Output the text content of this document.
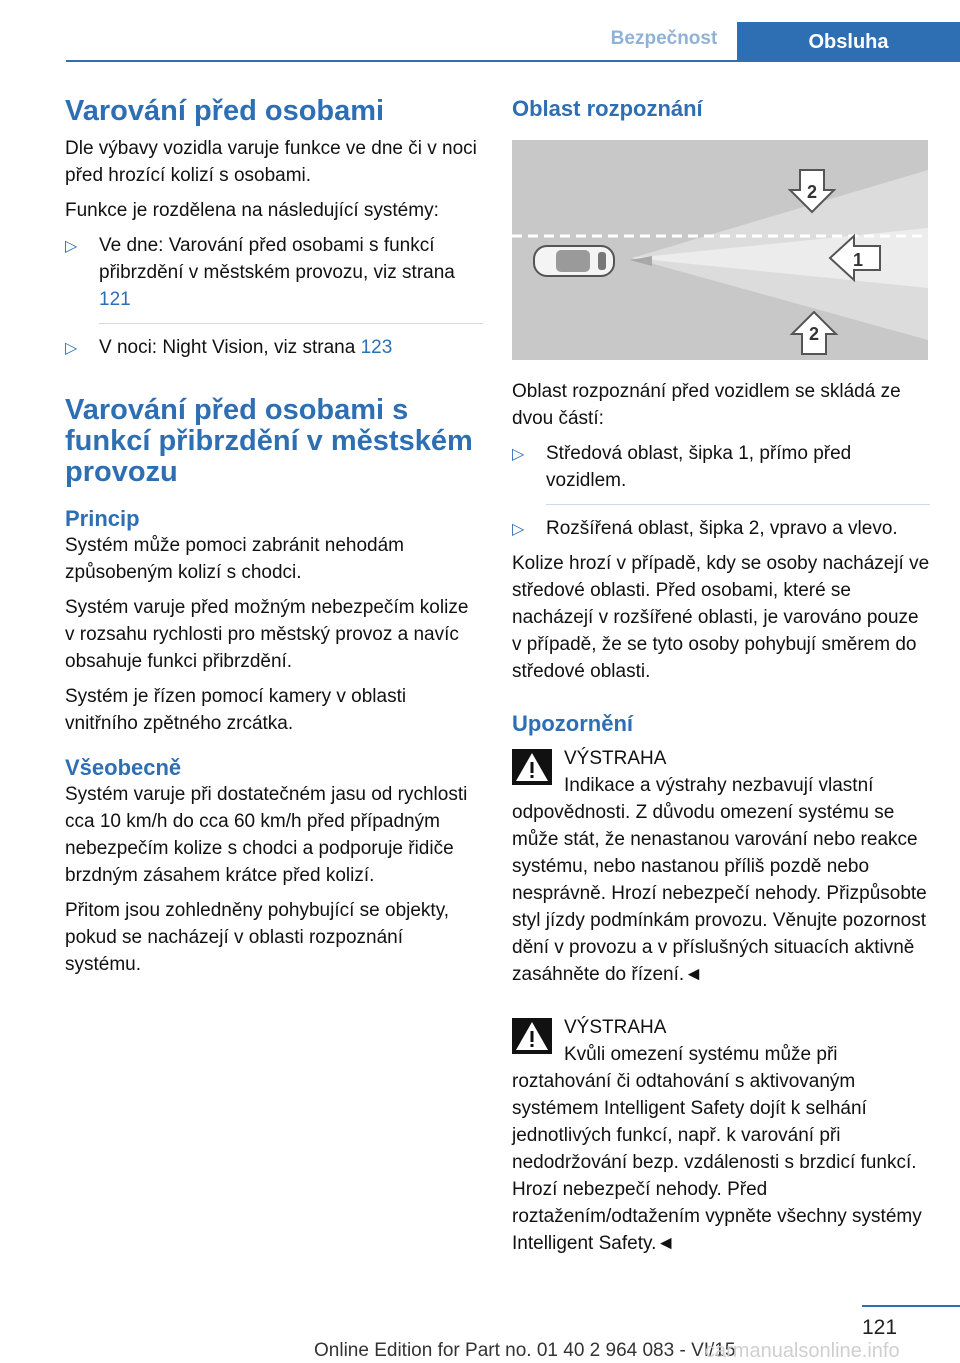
Bezpečnost	Obsluha
Varování před osobami

Dle výbavy vozidla varuje funkce ve dne či v noci před hrozící kolizí s osobami.

Funkce je rozdělena na následující systémy:

▷ Ve dne: Varování před osobami s funkcí přibrzdění v městském provozu, viz strana 121
▷ V noci: Night Vision, viz strana 123
Varování před osobami s funkcí přibrzdění v městském provozu
Princip

Systém může pomoci zabránit nehodám způsobeným kolizí s chodci.

Systém varuje před možným nebezpečím kolize v rozsahu rychlosti pro městský provoz a navíc obsahuje funkci přibrzdění.

Systém je řízen pomocí kamery v oblasti vnitřního zpětného zrcátka.

Všeobecně

Systém varuje při dostatečném jasu od rychlosti cca 10 km/h do cca 60 km/h před případným nebezpečím kolize s chodci a podporuje řidiče brzdným zásahem krátce před kolizí.

Přitom jsou zohledněny pohybující se objekty, pokud se nacházejí v oblasti rozpoznání systému.

Oblast rozpoznání
2
1
2

Oblast rozpoznání před vozidlem se skládá ze dvou částí:

▷ Středová oblast, šipka 1, přímo před vozidlem.
▷ Rozšířená oblast, šipka 2, vpravo a vlevo.

Kolize hrozí v případě, kdy se osoby nacházejí ve středové oblasti. Před osobami, které se nacházejí v rozšířené oblasti, je varováno pouze v případě, že se tyto osoby pohybují směrem do středové oblasti.

Upozornění

VÝSTRAHA

Indikace a výstrahy nezbavují vlastní odpovědnosti. Z důvodu omezení systému se může stát, že nenastanou varování nebo reakce systému, nebo nastanou příliš pozdě nebo nesprávně. Hrozí nebezpečí nehody. Přizpůsobte styl jízdy podmínkám provozu. Věnujte pozornost dění v provozu a v příslušných situacích aktivně zasáhněte do řízení.◄

VÝSTRAHA

Kvůli omezení systému může při roztahování či odtahování s aktivovaným systémem Intelligent Safety dojít k selhání jednotlivých funkcí, např. k varování při nedodržování bezp. vzdálenosti s brzdicí funkcí. Hrozí nebezpečí nehody. Před roztažením/odtažením vypněte všechny systémy Intelligent Safety.◄

121
Online Edition for Part no. 01 40 2 964 083 - VI/15
carmanualsonline.info
